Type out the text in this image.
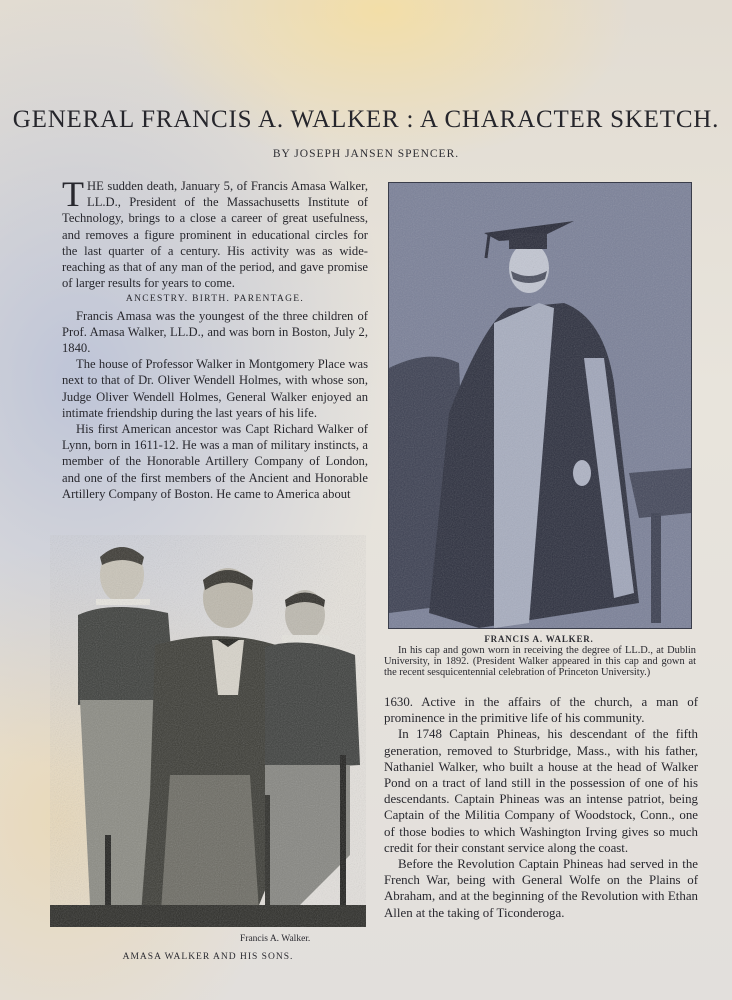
GENERAL FRANCIS A. WALKER : A CHARACTER SKETCH.
BY JOSEPH JANSEN SPENCER.

THE sudden death, January 5, of Francis Amasa Walker, LL.D., President of the Massachusetts Institute of Technology, brings to a close a career of great usefulness, and removes a figure prominent in educational circles for the last quarter of a century. His activity was as wide-reaching as that of any man of the period, and gave promise of larger results for years to come.

ANCESTRY. BIRTH. PARENTAGE.

Francis Amasa was the youngest of the three children of Prof. Amasa Walker, LL.D., and was born in Boston, July 2, 1840.

The house of Professor Walker in Montgomery Place was next to that of Dr. Oliver Wendell Holmes, with whose son, Judge Oliver Wendell Holmes, General Walker enjoyed an intimate friendship during the last years of his life.

His first American ancestor was Capt Richard Walker of Lynn, born in 1611-12. He was a man of military instincts, a member of the Honorable Artillery Company of London, and one of the first members of the Ancient and Honorable Artillery Company of Boston. He came to America about

FRANCIS A. WALKER.
In his cap and gown worn in receiving the degree of LL.D., at Dublin University, in 1892. (President Walker appeared in this cap and gown at the recent sesquicentennial celebration of Princeton University.)

1630. Active in the affairs of the church, a man of prominence in the primitive life of his community.

In 1748 Captain Phineas, his descendant of the fifth generation, removed to Sturbridge, Mass., with his father, Nathaniel Walker, who built a house at the head of Walker Pond on a tract of land still in the possession of one of his descendants. Captain Phineas was an intense patriot, being Captain of the Militia Company of Woodstock, Conn., one of those bodies to which Washington Irving gives so much credit for their constant service along the coast.

Before the Revolution Captain Phineas had served in the French War, being with General Wolfe on the Plains of Abraham, and at the beginning of the Revolution with Ethan Allen at the taking of Ticonderoga.

Francis A. Walker.
AMASA WALKER AND HIS SONS.
